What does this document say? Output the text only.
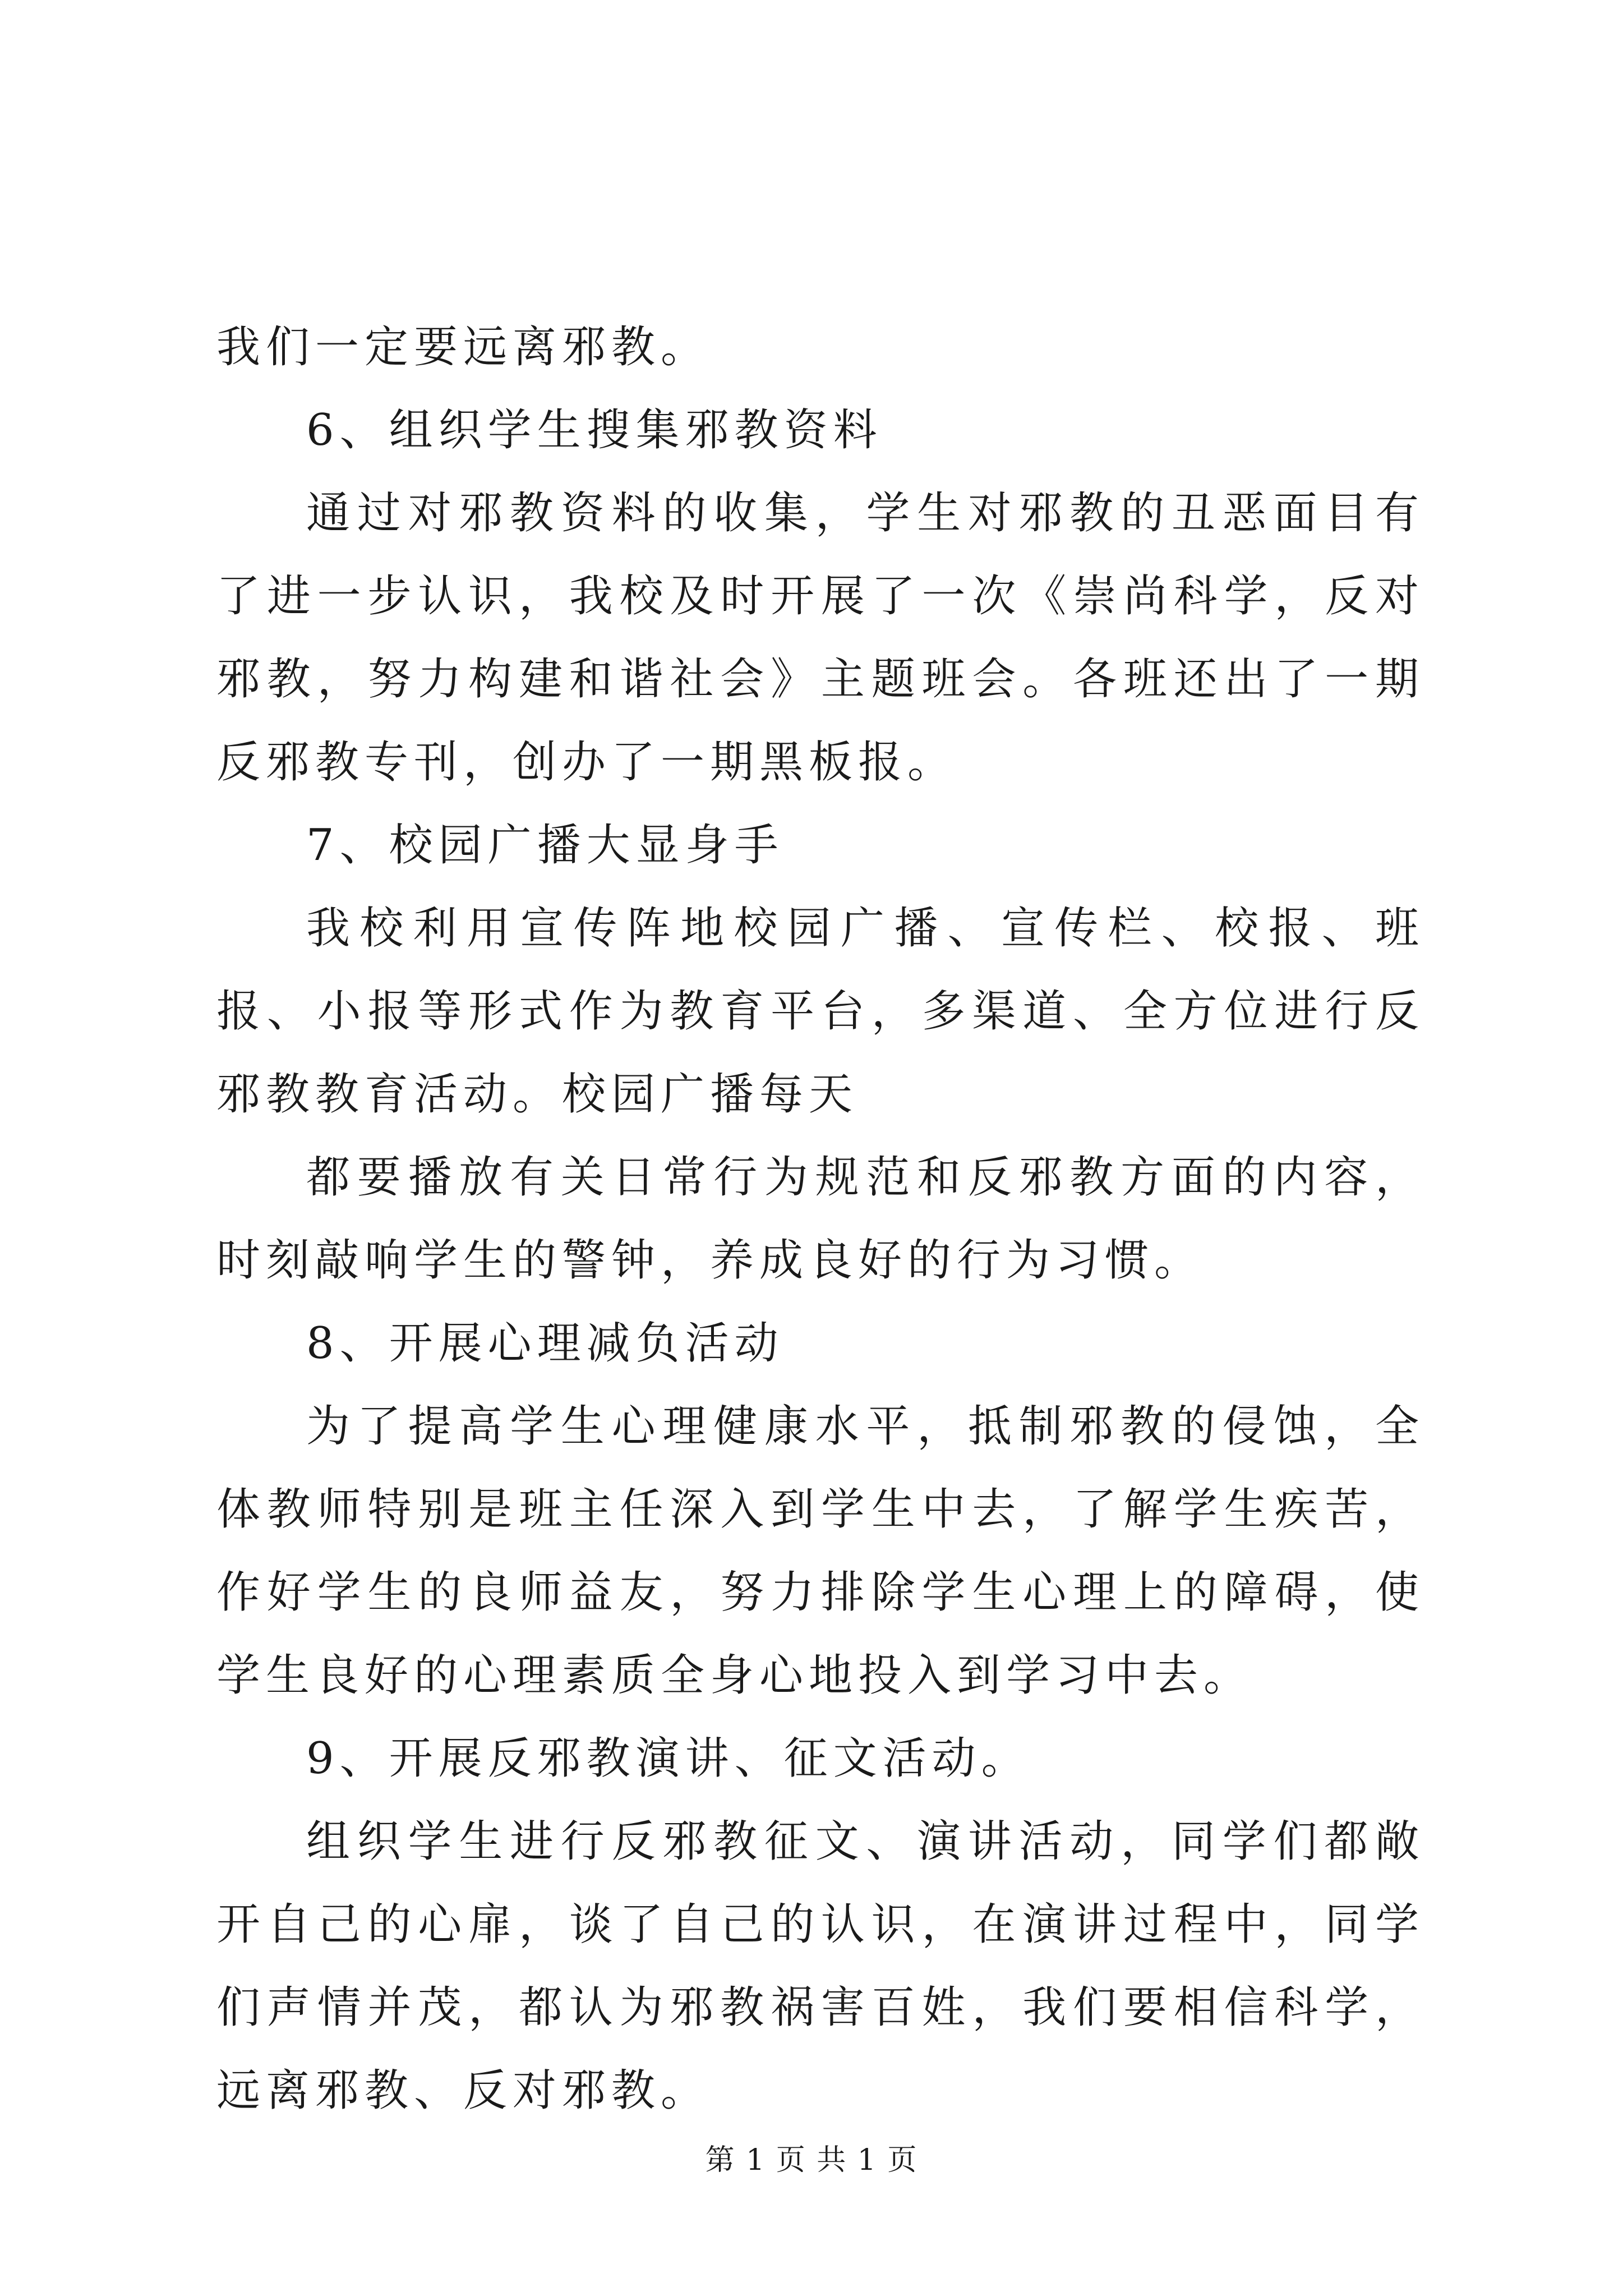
我们一定要远离邪教。

6、组织学生搜集邪教资料

通过对邪教资料的收集，学生对邪教的丑恶面目有了进一步认识，我校及时开展了一次《崇尚科学，反对邪教，努力构建和谐社会》主题班会。各班还出了一期反邪教专刊，创办了一期黑板报。

7、校园广播大显身手

我校利用宣传阵地校园广播、宣传栏、校报、班报、小报等形式作为教育平台，多渠道、全方位进行反邪教教育活动。校园广播每天

都要播放有关日常行为规范和反邪教方面的内容，时刻敲响学生的警钟，养成良好的行为习惯。

8、开展心理减负活动

为了提高学生心理健康水平，抵制邪教的侵蚀，全体教师特别是班主任深入到学生中去，了解学生疾苦，作好学生的良师益友，努力排除学生心理上的障碍，使学生良好的心理素质全身心地投入到学习中去。

9、开展反邪教演讲、征文活动。

组织学生进行反邪教征文、演讲活动，同学们都敞开自己的心扉，谈了自己的认识，在演讲过程中，同学们声情并茂，都认为邪教祸害百姓，我们要相信科学，远离邪教、反对邪教。

第 1 页 共 1 页
